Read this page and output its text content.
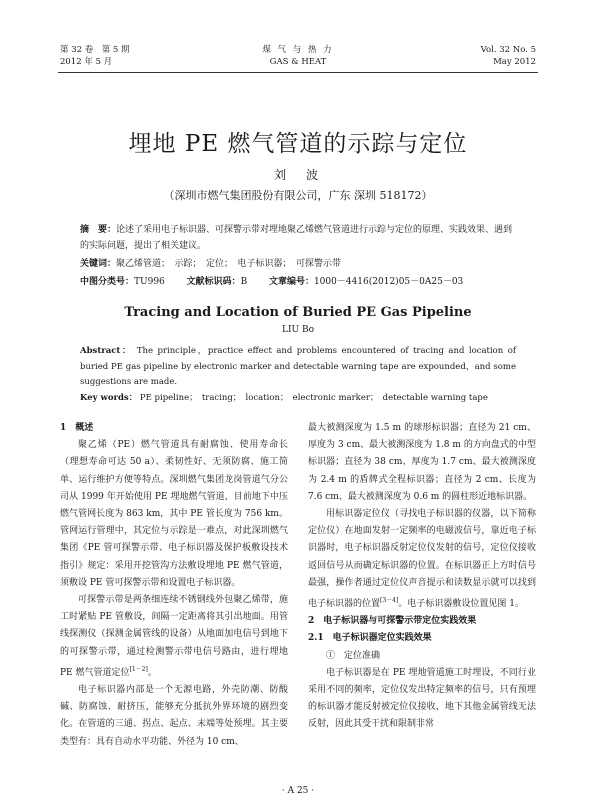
第 32 卷　第 5 期
2012 年 5 月
煤 气 与 热 力
GAS & HEAT
Vol. 32 No. 5
May 2012
埋地 PE 燃气管道的示踪与定位
刘　波
（深圳市燃气集团股份有限公司，广东 深圳 518172）
摘　要：论述了采用电子标识器、可探警示带对埋地聚乙烯燃气管道进行示踪与定位的原理、实践效果、遇到的实际问题，提出了相关建议。
关键词：聚乙烯管道；　示踪；　定位；　电子标识器；　可探警示带
中图分类号：TU996 文献标识码：B 文章编号：1000－4416(2012)05－0A25－03
Tracing and Location of Buried PE Gas Pipeline
LIU Bo
Abstract： The principle，practice effect and problems encountered of tracing and location of buried PE gas pipeline by electronic marker and detectable warning tape are expounded，and some suggestions are made.
Key words： PE pipeline；　tracing；　location；　electronic marker；　detectable warning tape

1　概述

聚乙烯（PE）燃气管道具有耐腐蚀、使用寿命长（理想寿命可达 50 a）、柔韧性好、无须防腐、施工简单、运行维护方便等特点。深圳燃气集团龙岗管道气分公司从 1999 年开始使用 PE 埋地燃气管道，目前地下中压燃气管网长度为 863 km，其中 PE 管长度为 756 km。管网运行管理中，其定位与示踪是一难点，对此深圳燃气集团《PE 管可探警示带、电子标识器及保护板敷设技术指引》规定：采用开挖管沟方法敷设埋地 PE 燃气管道，须敷设 PE 管可探警示带和设置电子标识器。

可探警示带是两条细连续不锈钢线外包聚乙烯带，施工时紧贴 PE 管敷设，间隔一定距离将其引出地面。用管线探测仪（探测金属管线的设备）从地面加电信号到地下的可探警示带，通过检测警示带电信号路由，进行埋地 PE 燃气管道定位[1－2]。

电子标识器内部是一个无源电路，外壳防潮、防酸碱、防腐蚀、耐挤压，能够充分抵抗外界环境的剧烈变化。在管道的三通、拐点、起点、末端等处预埋。其主要类型有：具有自动水平功能、外径为 10 cm、

最大被测深度为 1.5 m 的球形标识器；直径为 21 cm、厚度为 3 cm、最大被测深度为 1.8 m 的方向盘式的中型标识器；直径为 38 cm、厚度为 1.7 cm、最大被测深度为 2.4 m 的盾牌式全程标识器；直径为 2 cm、长度为 7.6 cm、最大被测深度为 0.6 m 的圆柱形近地标识器。

用标识器定位仪（寻找电子标识器的仪器，以下简称定位仪）在地面发射一定频率的电磁波信号，靠近电子标识器时，电子标识器反射定位仪发射的信号，定位仪接收返回信号从而确定标识器的位置。在标识器正上方时信号最强，操作者通过定位仪声音提示和读数显示就可以找到电子标识器的位置[3－4]。电子标识器敷设位置见图 1。

2　电子标识器与可探警示带定位实践效果

2.1　电子标识器定位实践效果

①　定位准确

电子标识器是在 PE 埋地管道施工时埋设，不同行业采用不同的频率，定位仪发出特定频率的信号，只有预埋的标识器才能反射被定位仪接收，地下其他金属管线无法反射，因此其受干扰和限制非常

· A 25 ·
